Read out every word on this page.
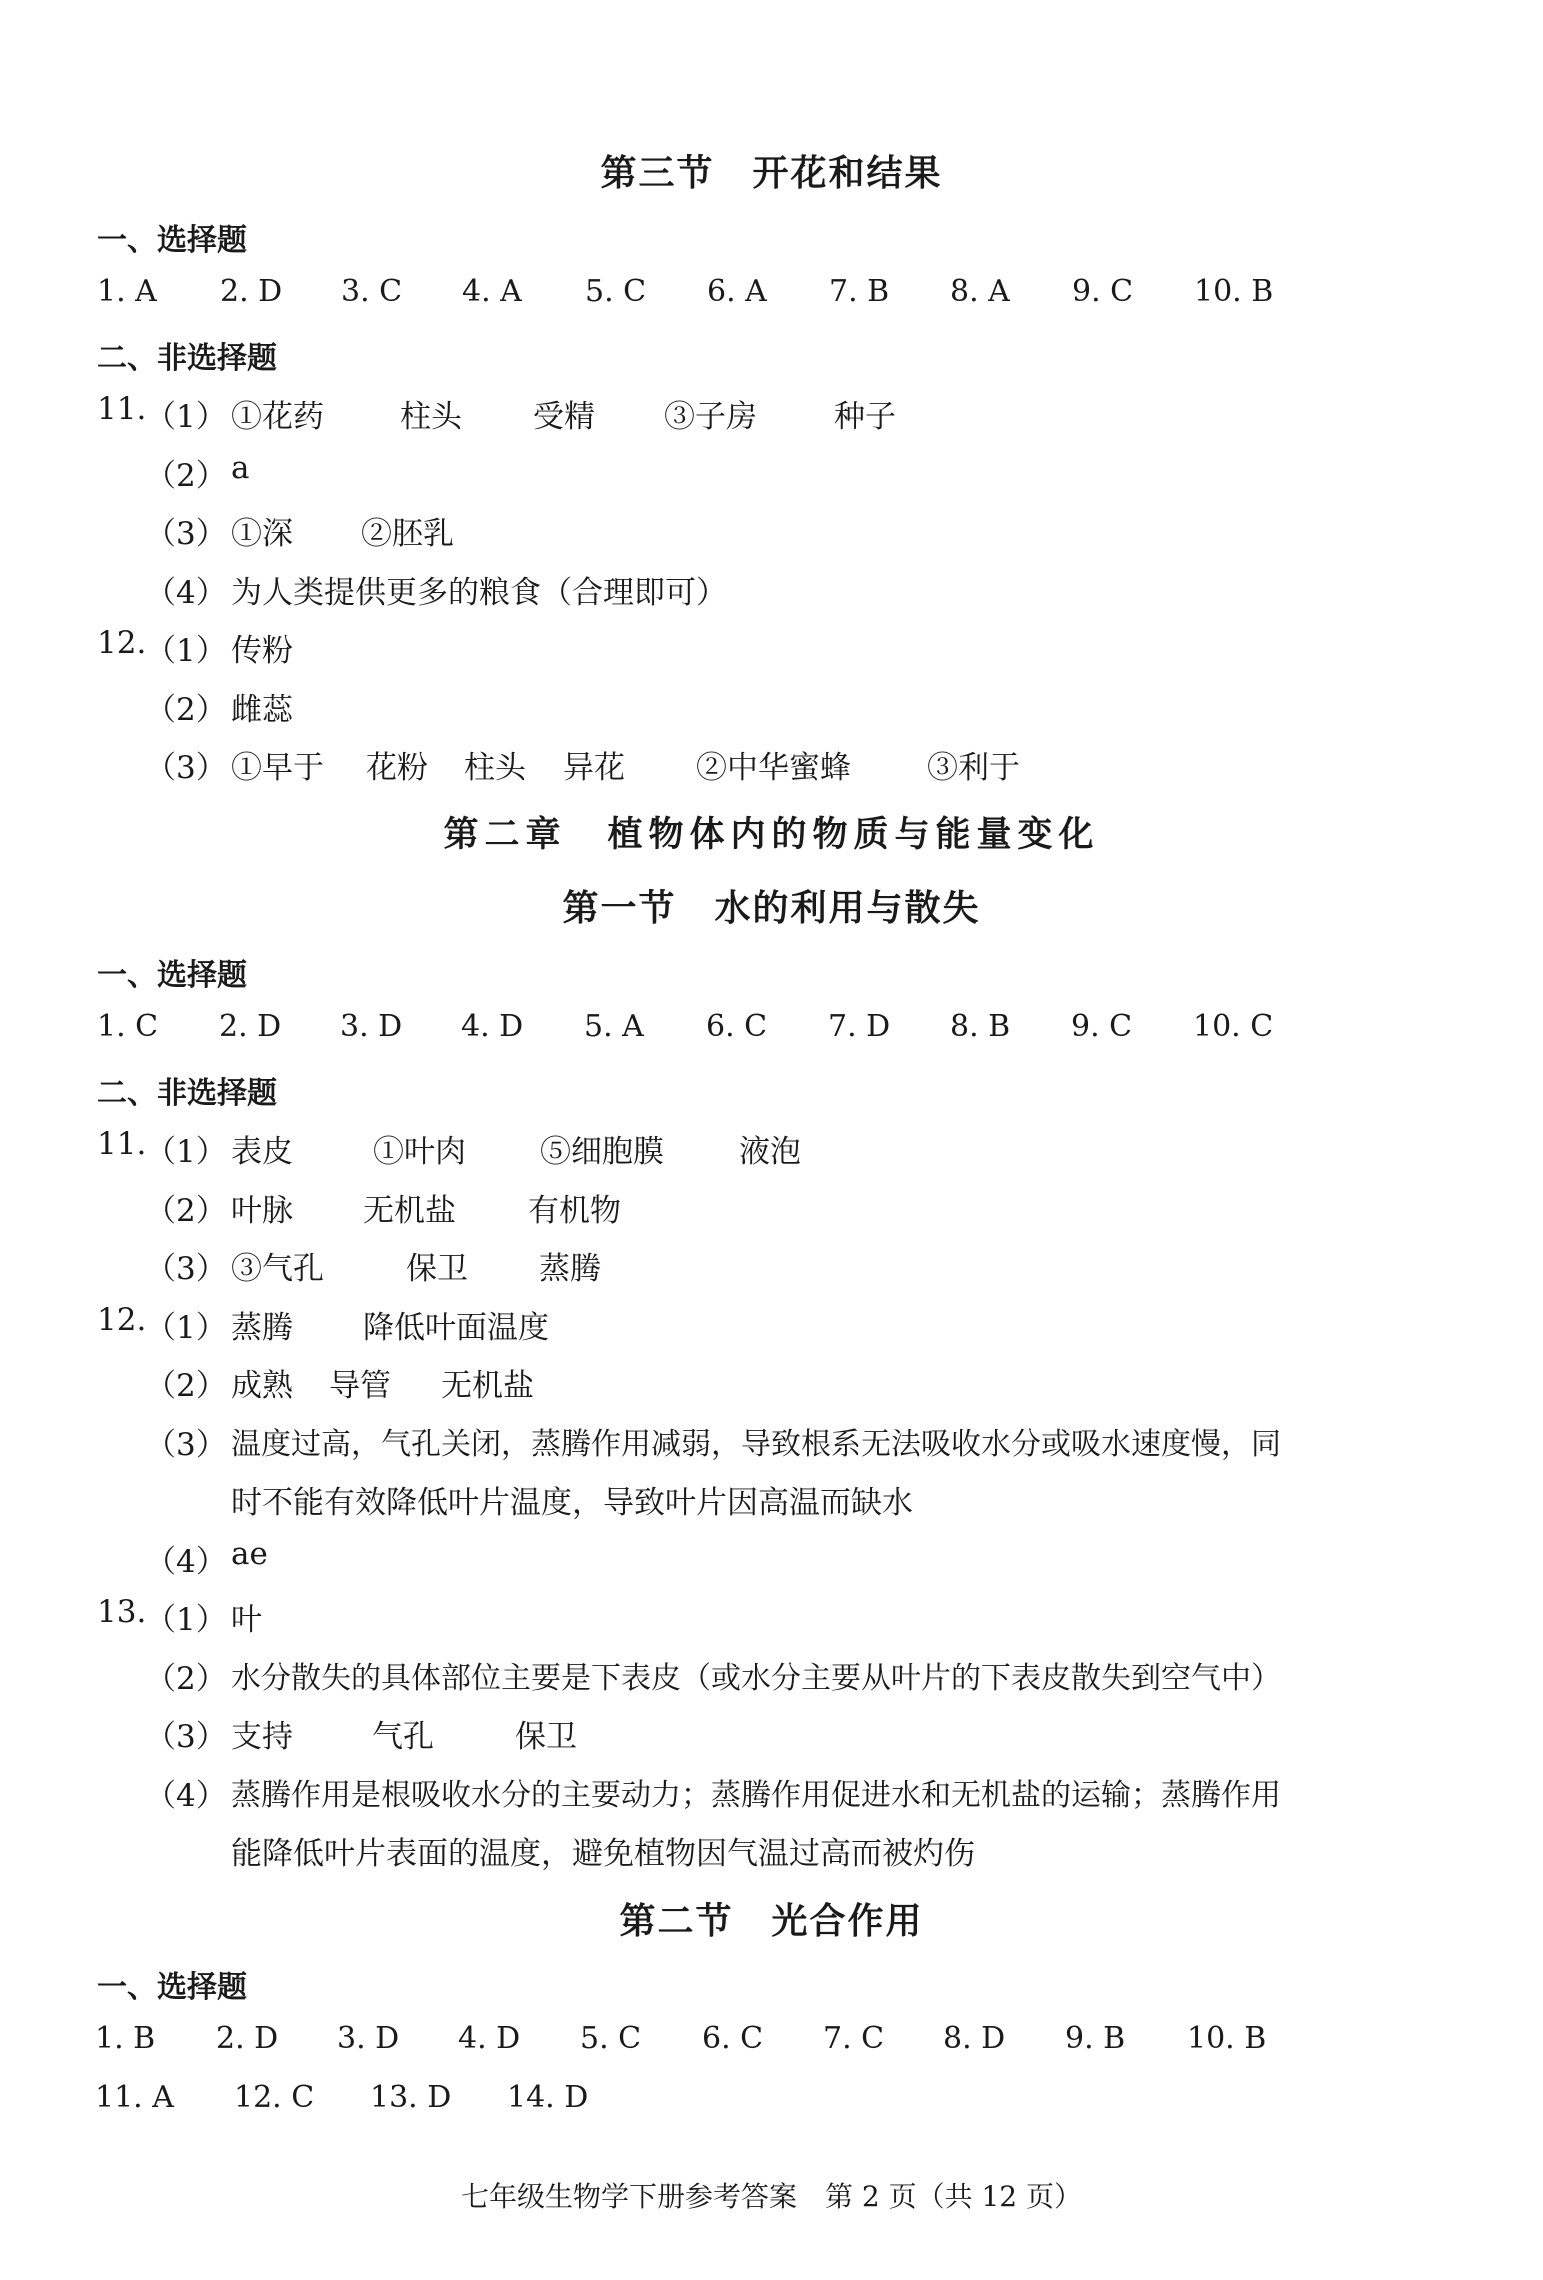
第三节　开花和结果
一、选择题
1. A 2. D 3. C 4. A 5. C 6. A 7. B 8. A 9. C 10. B
二、非选择题
11.
（1） ①花药 柱头 受精 ③子房 种子
（2） a
（3） ①深 ②胚乳
（4） 为人类提供更多的粮食（合理即可）
12.
（1） 传粉
（2） 雌蕊
（3） ①早于 花粉 柱头 异花 ②中华蜜蜂 ③利于
第二章　植物体内的物质与能量变化
第一节　水的利用与散失
一、选择题
1. C 2. D 3. D 4. D 5. A 6. C 7. D 8. B 9. C 10. C
二、非选择题
11.
（1） 表皮	①叶肉 ⑤细胞膜 液泡
（2） 叶脉 无机盐 有机物
（3） ③气孔	保卫 蒸腾
12.
（1） 蒸腾 降低叶面温度
（2） 成熟 导管 无机盐
（3） 温度过高，气孔关闭，蒸腾作用减弱，导致根系无法吸收水分或吸水速度慢，同
时不能有效降低叶片温度，导致叶片因高温而缺水
（4） ae
13.
（1） 叶
（2） 水分散失的具体部位主要是下表皮（或水分主要从叶片的下表皮散失到空气中）
（3） 支持	气孔	保卫
（4） 蒸腾作用是根吸收水分的主要动力；蒸腾作用促进水和无机盐的运输；蒸腾作用
能降低叶片表面的温度，避免植物因气温过高而被灼伤
第二节　光合作用
一、选择题
1. B 2. D 3. D 4. D 5. C 6. C 7. C 8. D 9. B 10. B
11. A 12. C 13. D 14. D
七年级生物学下册参考答案　第 2 页（共 12 页）
